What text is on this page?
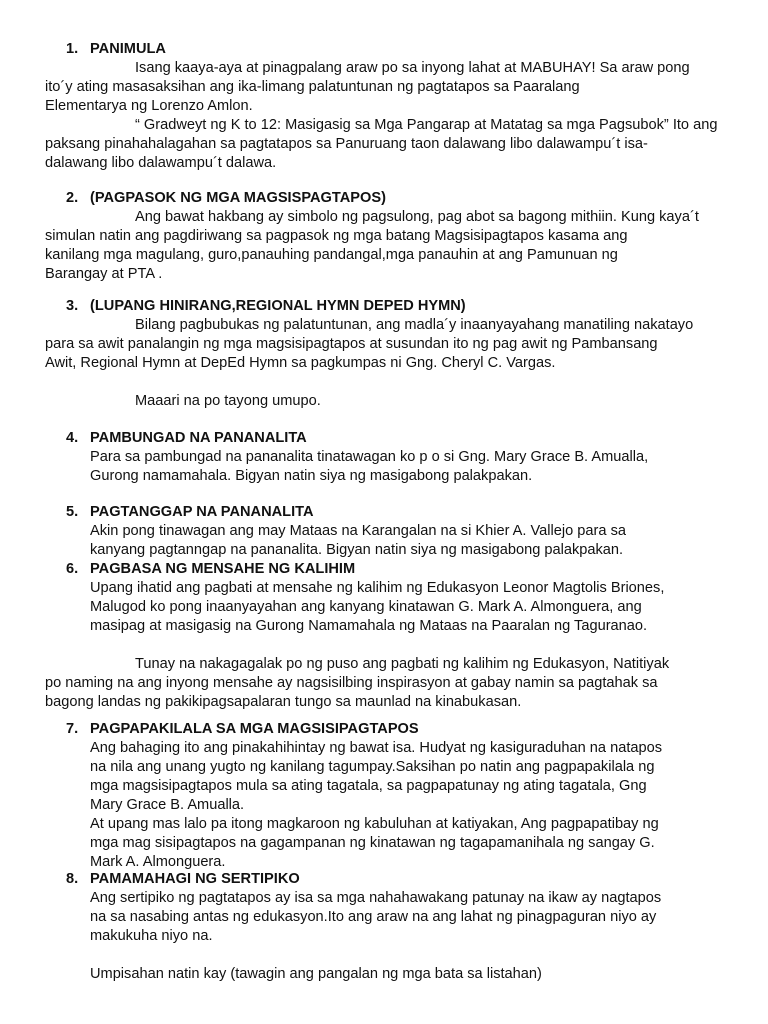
1. PANIMULA
Isang kaaya-aya at pinagpalang araw po sa inyong lahat at MABUHAY! Sa araw pong
ito´y ating masasaksihan ang ika-limang palatuntunan ng pagtatapos sa Paaralang
Elementarya ng Lorenzo Amlon.
“ Gradweyt ng K to 12: Masigasig sa Mga Pangarap at Matatag sa mga Pagsubok” Ito ang
paksang pinahahalagahan sa pagtatapos sa Panuruang taon dalawang libo dalawampu´t isa-
dalawang libo dalawampu´t dalawa.
2. (PAGPASOK NG MGA MAGSISPAGTAPOS)
Ang bawat hakbang ay simbolo ng pagsulong, pag abot sa bagong mithiin. Kung kaya´t
simulan natin ang pagdiriwang sa pagpasok ng mga batang Magsisipagtapos kasama ang
kanilang mga magulang, guro,panauhing pandangal,mga panauhin at ang Pamunuan ng
Barangay at PTA .
3. (LUPANG HINIRANG,REGIONAL HYMN DEPED HYMN)
Bilang pagbubukas ng palatuntunan, ang madla´y inaanyayahang manatiling nakatayo
para sa awit panalangin ng mga magsisipagtapos at susundan ito ng pag awit ng Pambansang
Awit, Regional Hymn at DepEd Hymn sa pagkumpas ni Gng. Cheryl C. Vargas.
Maaari na po tayong umupo.
4. PAMBUNGAD NA PANANALITA
Para sa pambungad na pananalita tinatawagan ko p o si Gng. Mary Grace B. Amualla,
Gurong namamahala. Bigyan natin siya ng masigabong palakpakan.
5. PAGTANGGAP NA PANANALITA
Akin pong tinawagan ang may Mataas na Karangalan na si Khier A. Vallejo para sa
kanyang pagtanngap na pananalita. Bigyan natin siya ng masigabong palakpakan.
6. PAGBASA NG MENSAHE NG KALIHIM
Upang ihatid ang pagbati at mensahe ng kalihim ng Edukasyon Leonor Magtolis Briones,
Malugod ko pong inaanyayahan ang kanyang kinatawan G. Mark A. Almonguera, ang
masipag at masigasig na Gurong Namamahala ng Mataas na Paaralan ng Taguranao.
Tunay na nakagagalak po ng puso ang pagbati ng kalihim ng Edukasyon, Natitiyak
po naming na ang inyong mensahe ay nagsisilbing inspirasyon at gabay namin sa pagtahak sa
bagong landas ng pakikipagsapalaran tungo sa maunlad na kinabukasan.
7. PAGPAPAKILALA SA MGA MAGSISIPAGTAPOS
Ang bahaging ito ang pinakahihintay ng bawat isa. Hudyat ng kasiguraduhan na natapos
na nila ang unang yugto ng kanilang tagumpay.Saksihan po natin ang pagpapakilala ng
mga magsisipagtapos mula sa ating tagatala, sa pagpapatunay ng ating tagatala, Gng
Mary Grace B. Amualla.
At upang mas lalo pa itong magkaroon ng kabuluhan at katiyakan, Ang pagpapatibay ng
mga mag sisipagtapos na gagampanan ng kinatawan ng tagapamanihala ng sangay G.
Mark A. Almonguera.
8. PAMAMAHAGI NG SERTIPIKO
Ang sertipiko ng pagtatapos ay isa sa mga nahahawakang patunay na ikaw ay nagtapos
na sa nasabing antas ng edukasyon.Ito ang araw na ang lahat ng pinagpaguran niyo ay
makukuha niyo na.
Umpisahan natin kay (tawagin ang pangalan ng mga bata sa listahan)
